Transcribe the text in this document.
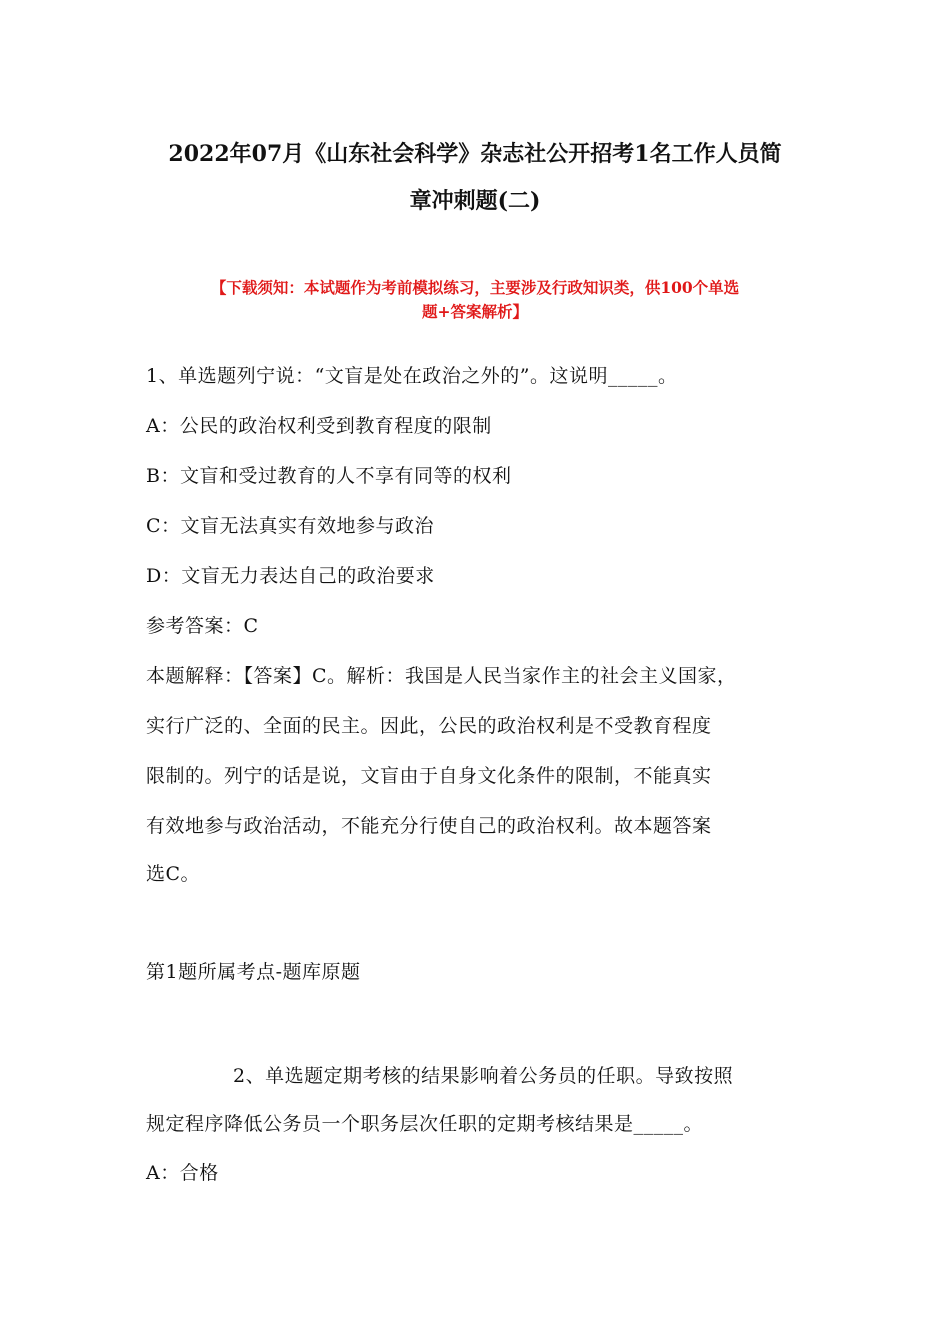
2022年07月《山东社会科学》杂志社公开招考1名工作人员简
章冲刺题(二)
【下载须知：本试题作为考前模拟练习，主要涉及行政知识类，供100个单选
题+答案解析】
1、单选题列宁说：“文盲是处在政治之外的”。这说明_____。
A：公民的政治权利受到教育程度的限制
B：文盲和受过教育的人不享有同等的权利
C：文盲无法真实有效地参与政治
D：文盲无力表达自己的政治要求
参考答案：C
本题解释：【答案】C。解析：我国是人民当家作主的社会主义国家，
实行广泛的、全面的民主。因此，公民的政治权利是不受教育程度
限制的。列宁的话是说，文盲由于自身文化条件的限制，不能真实
有效地参与政治活动，不能充分行使自己的政治权利。故本题答案
选C。
第1题所属考点-题库原题
2、单选题定期考核的结果影响着公务员的任职。导致按照
规定程序降低公务员一个职务层次任职的定期考核结果是_____。
A：合格
